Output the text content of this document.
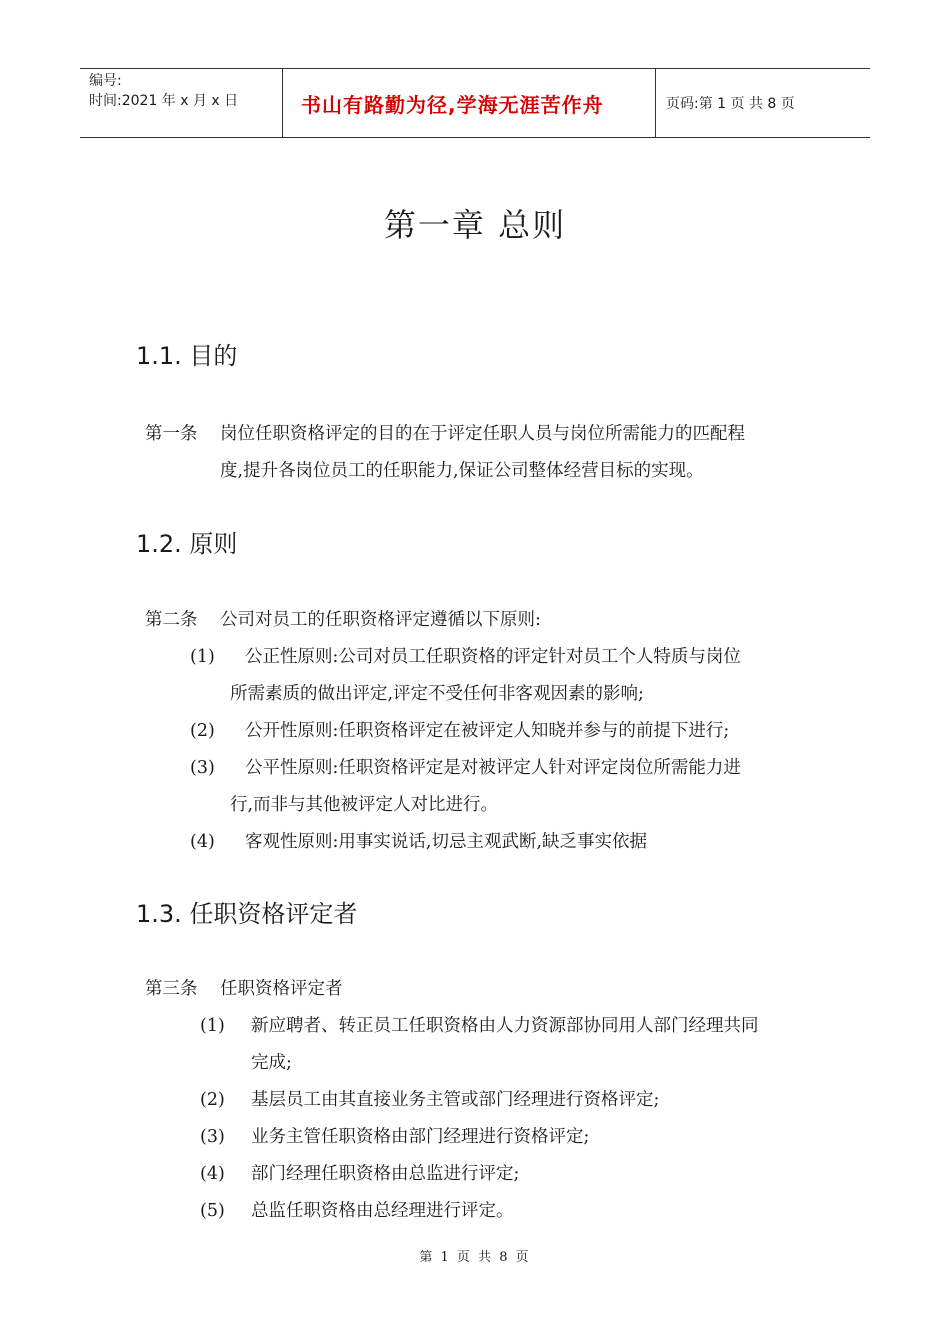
编号:
时间:2021 年 x 月 x 日	书山有路勤为径,学海无涯苦作舟	页码:第 1 页 共 8 页
第一章 总则
1.1. 目的
第一条 岗位任职资格评定的目的在于评定任职人员与岗位所需能力的匹配程
度,提升各岗位员工的任职能力,保证公司整体经营目标的实现。
1.2. 原则
第二条 公司对员工的任职资格评定遵循以下原则:
(1) 公正性原则:公司对员工任职资格的评定针对员工个人特质与岗位
所需素质的做出评定,评定不受任何非客观因素的影响;
(2) 公开性原则:任职资格评定在被评定人知晓并参与的前提下进行;
(3) 公平性原则:任职资格评定是对被评定人针对评定岗位所需能力进
行,而非与其他被评定人对比进行。
(4) 客观性原则:用事实说话,切忌主观武断,缺乏事实依据
1.3. 任职资格评定者
第三条 任职资格评定者
(1) 新应聘者、转正员工任职资格由人力资源部协同用人部门经理共同
完成;
(2) 基层员工由其直接业务主管或部门经理进行资格评定;
(3) 业务主管任职资格由部门经理进行资格评定;
(4) 部门经理任职资格由总监进行评定;
(5) 总监任职资格由总经理进行评定。
第 1 页 共 8 页
